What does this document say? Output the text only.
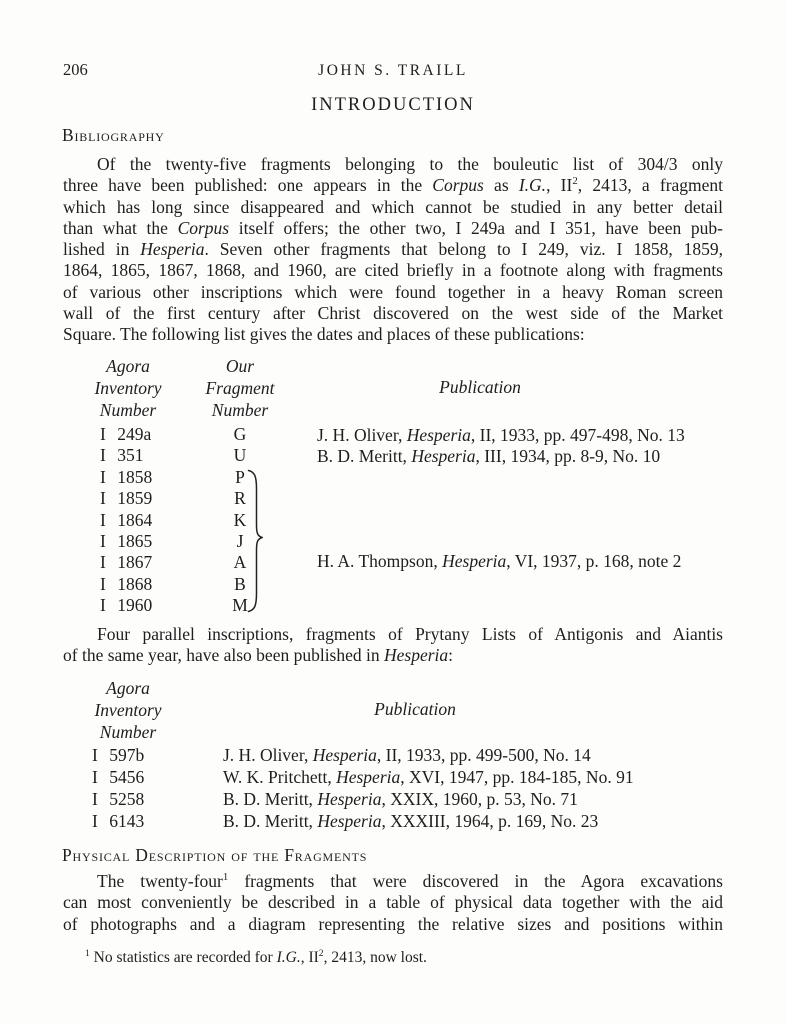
206	JOHN S. TRAILL
INTRODUCTION
Bibliography
Of the twenty-five fragments belonging to the bouleutic list of 304/3 only
three have been published: one appears in the Corpus as I.G., $II^2$, 2413, a fragment
which has long since disappeared and which cannot be studied in any better detail
than what the Corpus itself offers; the other two, I 249a and I 351, have been pub-
lished in Hesperia. Seven other fragments that belong to I 249, viz. I 1858, 1859,
1864, 1865, 1867, 1868, and 1960, are cited briefly in a footnote along with fragments
of various other inscriptions which were found together in a heavy Roman screen
wall of the first century after Christ discovered on the west side of the Market
Square. The following list gives the dates and places of these publications:
Agora
Inventory
Number
Our
Fragment
Number
Publication
I 249a
I 351
I 1858
I 1859
I 1864
I 1865
I 1867
I 1868
I 1960
G
U
P
R
K
J
A
B
M
J. H. Oliver, Hesperia, II, 1933, pp. 497-498, No. 13
B. D. Meritt, Hesperia, III, 1934, pp. 8-9, No. 10
H. A. Thompson, Hesperia, VI, 1937, p. 168, note 2
Four parallel inscriptions, fragments of Prytany Lists of Antigonis and Aiantis
of the same year, have also been published in Hesperia:
Agora
Inventory
Number
Publication
I 597b
I 5456
I 5258
I 6143
J. H. Oliver, Hesperia, II, 1933, pp. 499-500, No. 14
W. K. Pritchett, Hesperia, XVI, 1947, pp. 184-185, No. 91
B. D. Meritt, Hesperia, XXIX, 1960, p. 53, No. 71
B. D. Meritt, Hesperia, XXXIII, 1964, p. 169, No. 23
Physical Description of the Fragments
The twenty-four$^1$ fragments that were discovered in the Agora excavations
can most conveniently be described in a table of physical data together with the aid
of photographs and a diagram representing the relative sizes and positions within
$^1$ No statistics are recorded for I.G., $II^2$, 2413, now lost.
